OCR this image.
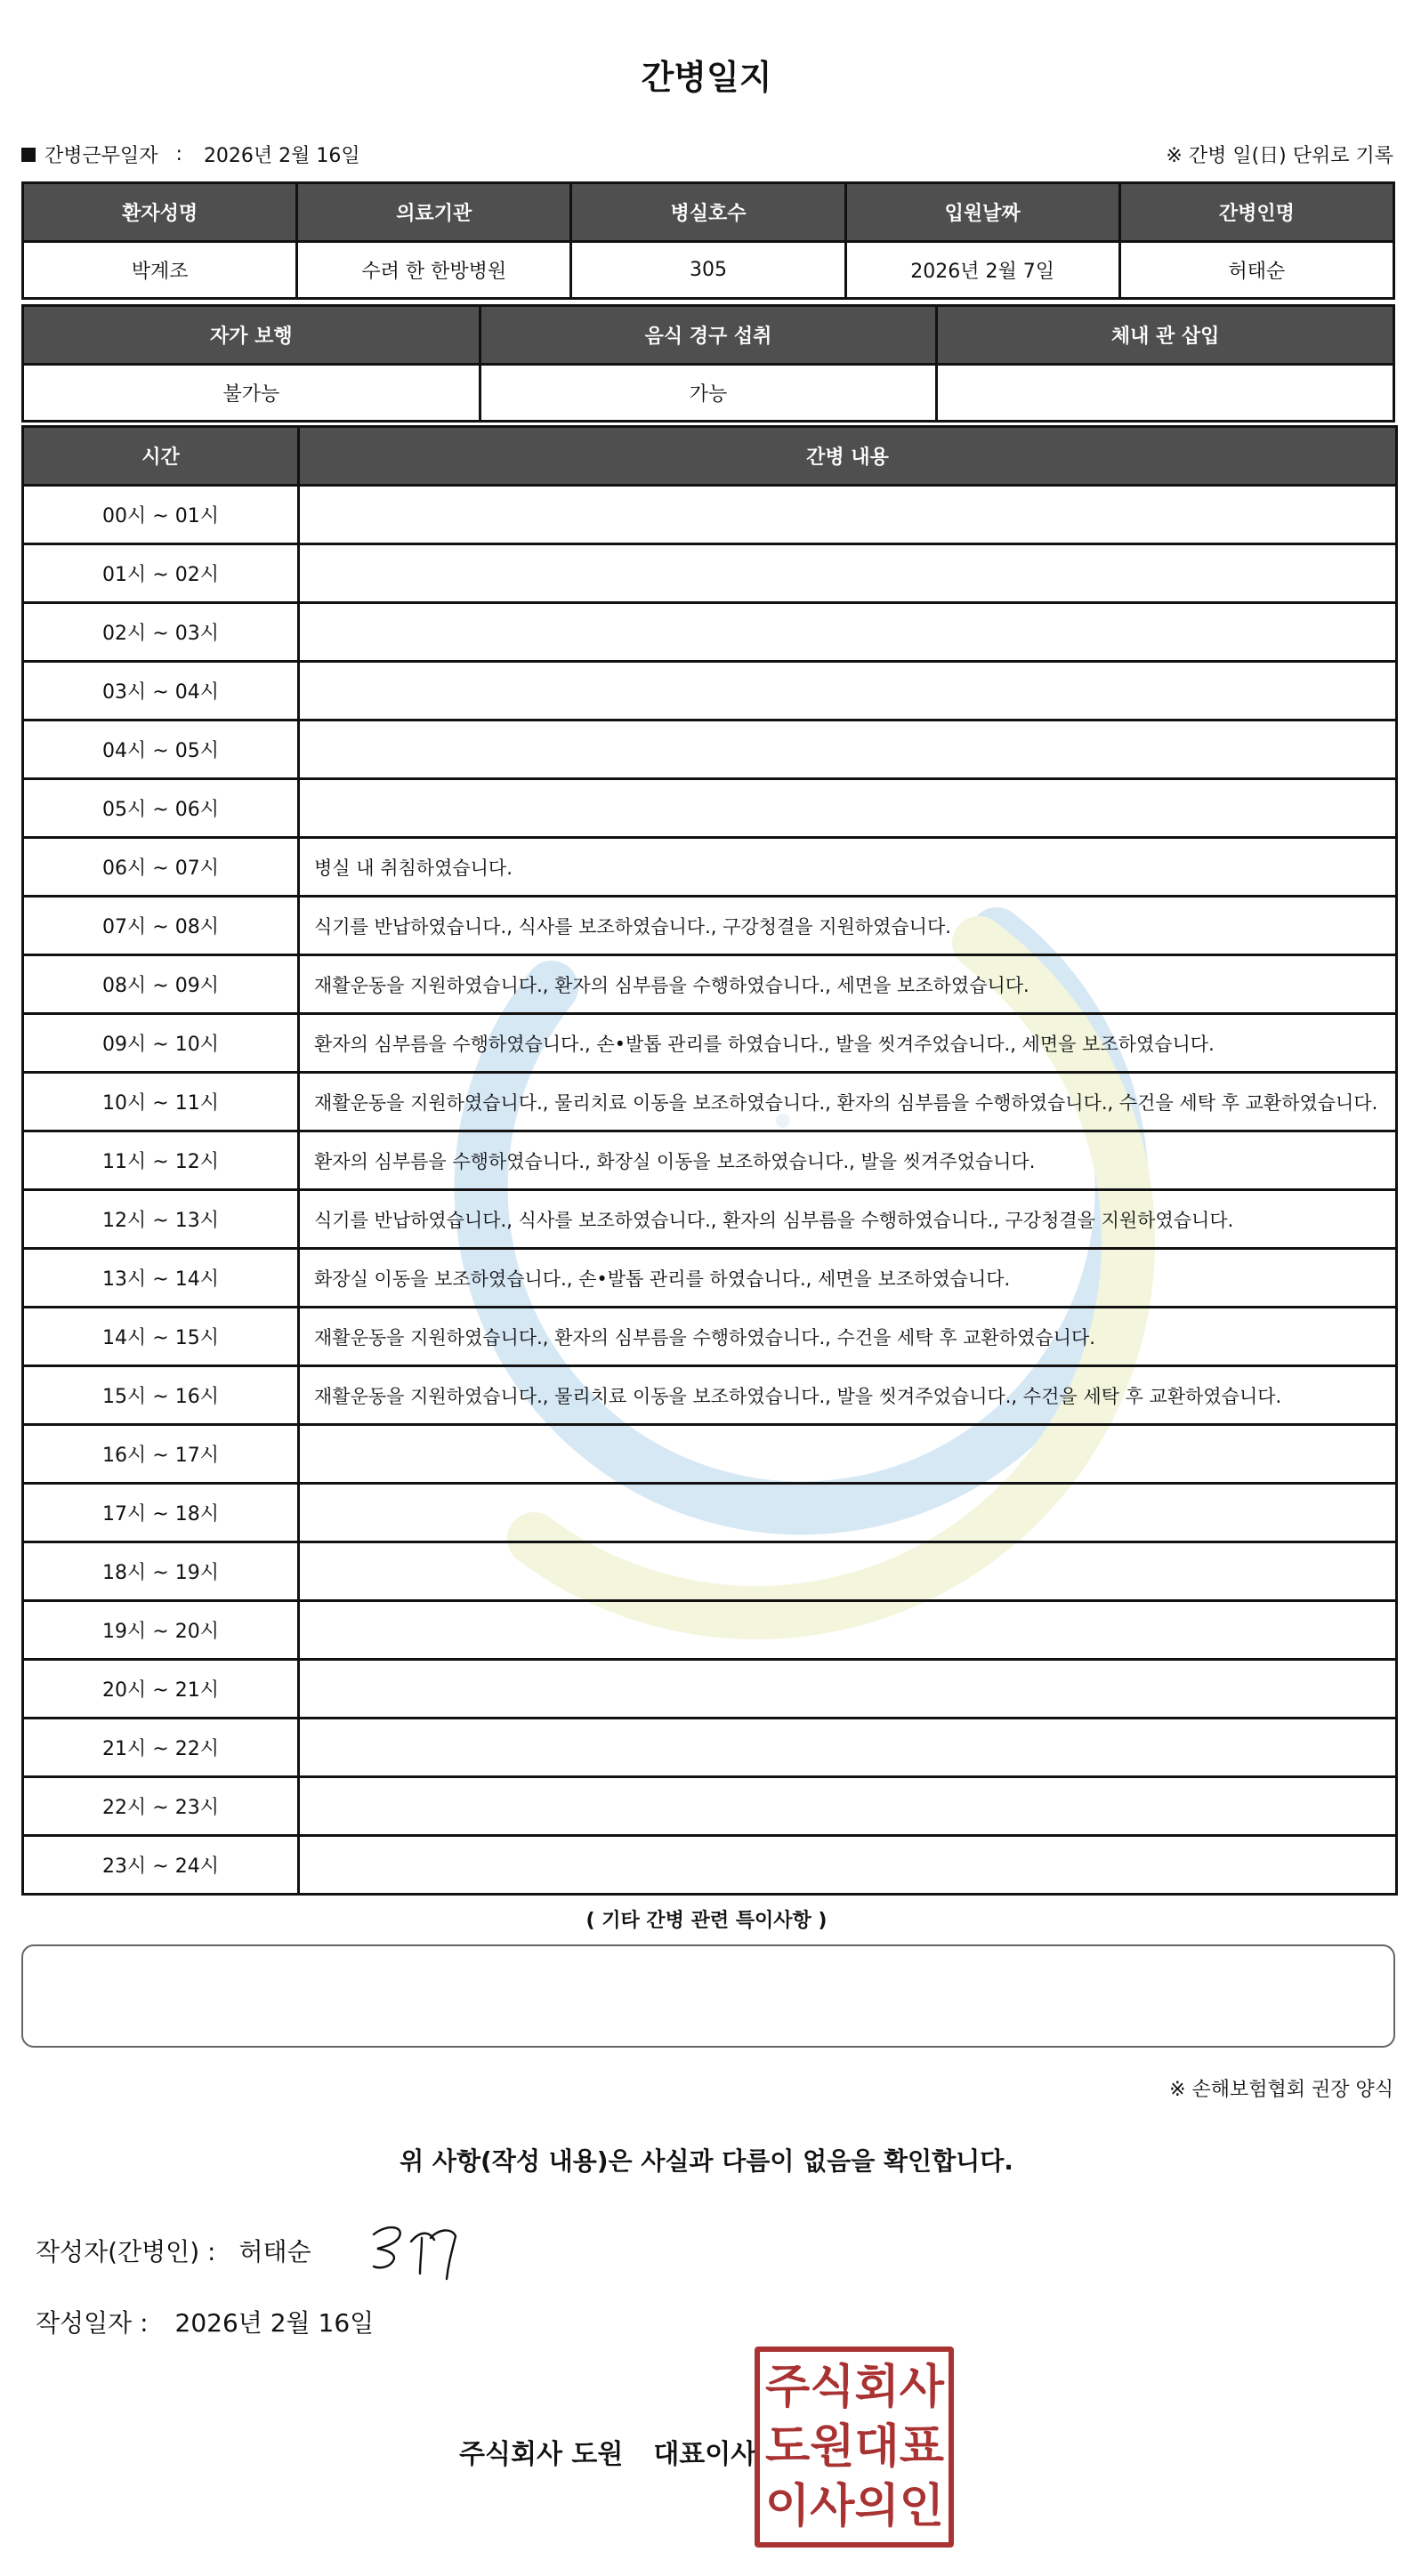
간병일지
간병근무일자 : 2026년 2월 16일	※ 간병 일(日) 단위로 기록
환자성명	의료기관	병실호수	입원날짜	간병인명
박계조	수려 한 한방병원	305	2026년 2월 7일	허태순
자가 보행	음식 경구 섭취	체내 관 삽입
불가능	가능	
시간	간병 내용
00시 ~ 01시	
01시 ~ 02시	
02시 ~ 03시	
03시 ~ 04시	
04시 ~ 05시	
05시 ~ 06시	
06시 ~ 07시	병실 내 취침하였습니다.
07시 ~ 08시	식기를 반납하였습니다., 식사를 보조하였습니다., 구강청결을 지원하였습니다.
08시 ~ 09시	재활운동을 지원하였습니다., 환자의 심부름을 수행하였습니다., 세면을 보조하였습니다.
09시 ~ 10시	환자의 심부름을 수행하였습니다., 손•발톱 관리를 하였습니다., 발을 씻겨주었습니다., 세면을 보조하였습니다.
10시 ~ 11시	재활운동을 지원하였습니다., 물리치료 이동을 보조하였습니다., 환자의 심부름을 수행하였습니다., 수건을 세탁 후 교환하였습니다.
11시 ~ 12시	환자의 심부름을 수행하였습니다., 화장실 이동을 보조하였습니다., 발을 씻겨주었습니다.
12시 ~ 13시	식기를 반납하였습니다., 식사를 보조하였습니다., 환자의 심부름을 수행하였습니다., 구강청결을 지원하였습니다.
13시 ~ 14시	화장실 이동을 보조하였습니다., 손•발톱 관리를 하였습니다., 세면을 보조하였습니다.
14시 ~ 15시	재활운동을 지원하였습니다., 환자의 심부름을 수행하였습니다., 수건을 세탁 후 교환하였습니다.
15시 ~ 16시	재활운동을 지원하였습니다., 물리치료 이동을 보조하였습니다., 발을 씻겨주었습니다., 수건을 세탁 후 교환하였습니다.
16시 ~ 17시	
17시 ~ 18시	
18시 ~ 19시	
19시 ~ 20시	
20시 ~ 21시	
21시 ~ 22시	
22시 ~ 23시	
23시 ~ 24시	
( 기타 간병 관련 특이사항 )
※ 손해보험협회 권장 양식
위 사항(작성 내용)은 사실과 다름이 없음을 확인합니다.
작성자(간병인) : 허태순
작성일자 : 2026년 2월 16일
주식회사 도원 대표이사
주 식 회 사
도 원 대 표
이 사 의 인
